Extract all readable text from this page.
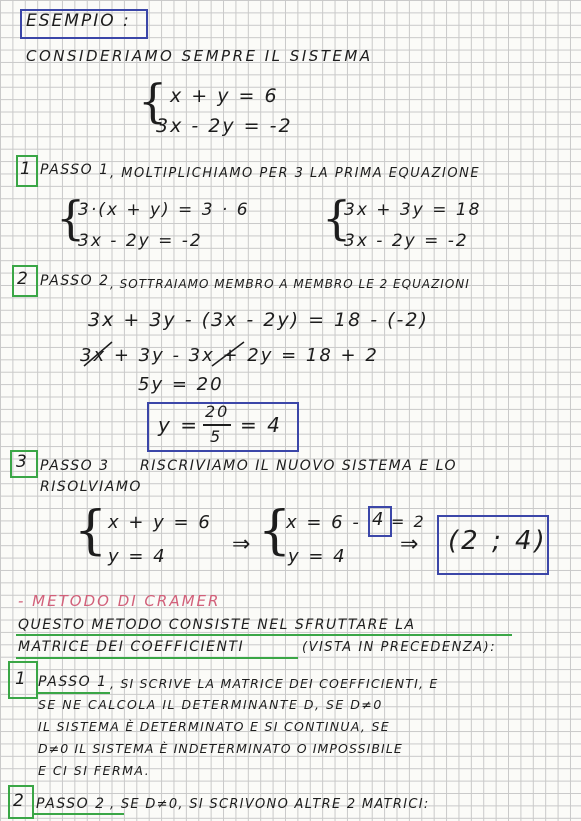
ESEMPIO :
CONSIDERIAMO SEMPRE IL SISTEMA
{ x + y = 6
3x - 2y = -2
1 PASSO 1 , MOLTIPLICHIAMO PER 3 LA PRIMA EQUAZIONE
{
3·(x + y) = 3 · 6
3x - 2y = -2	{
3x + 3y = 18
3x - 2y = -2
2 PASSO 2 , SOTTRAIAMO MEMBRO A MEMBRO LE 2 EQUAZIONI
3x + 3y - (3x - 2y) = 18 - (-2)
3x + 3y - 3x + 2y = 18 + 2
5y = 20
y =
20
5 = 4
3 PASSO 3 RISCRIVIAMO IL NUOVO SISTEMA E LO
RISOLVIAMO
{ x + y = 6
y = 4	⇒ {
x = 6 - 4 = 2
y = 4 ⇒ (2 ; 4)
- METODO DI CRAMER
QUESTO METODO CONSISTE NEL SFRUTTARE LA
MATRICE DEI COEFFICIENTI	(VISTA IN PRECEDENZA):
1 PASSO 1 , SI SCRIVE LA MATRICE DEI COEFFICIENTI, E
SE NE CALCOLA IL DETERMINANTE D, SE D≠0
IL SISTEMA È DETERMINATO E SI CONTINUA, SE
D≠0 IL SISTEMA È INDETERMINATO O IMPOSSIBILE
E CI SI FERMA.
2 PASSO 2 , SE D≠0, SI SCRIVONO ALTRE 2 MATRICI:
